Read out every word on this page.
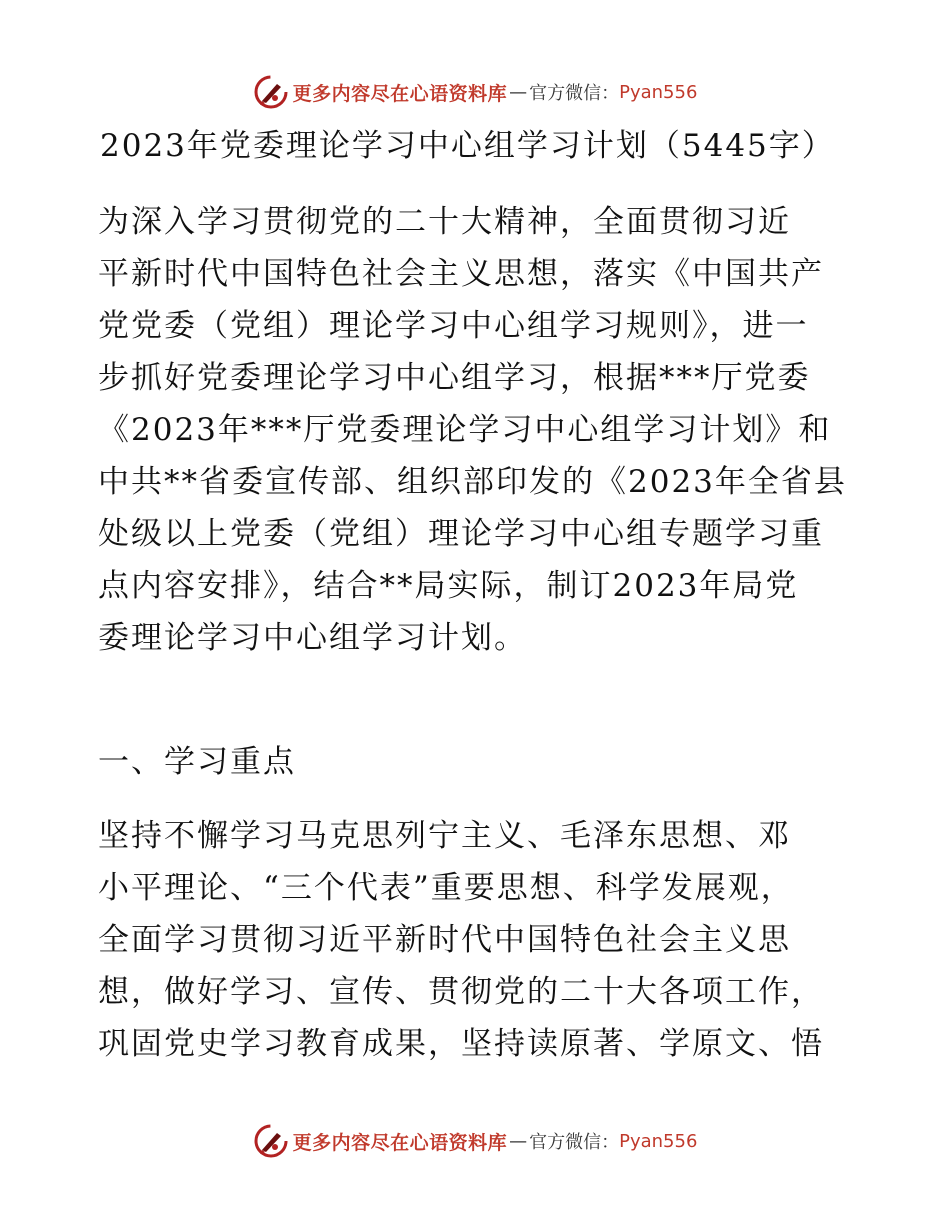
更多内容尽在心语资料库 — 官方微信： Pyan556
2023年党委理论学习中心组学习计划（5445字）
为深入学习贯彻党的二十大精神，全面贯彻习近
平新时代中国特色社会主义思想，落实《中国共产
党党委（党组）理论学习中心组学习规则》，进一
步抓好党委理论学习中心组学习，根据***厅党委
《2023年***厅党委理论学习中心组学习计划》和
中共**省委宣传部、组织部印发的《2023年全省县
处级以上党委（党组）理论学习中心组专题学习重
点内容安排》，结合**局实际，制订2023年局党
委理论学习中心组学习计划。
一、学习重点
坚持不懈学习马克思列宁主义、毛泽东思想、邓
小平理论、“三个代表”重要思想、科学发展观，
全面学习贯彻习近平新时代中国特色社会主义思
想，做好学习、宣传、贯彻党的二十大各项工作，
巩固党史学习教育成果，坚持读原著、学原文、悟
更多内容尽在心语资料库 — 官方微信： Pyan556
